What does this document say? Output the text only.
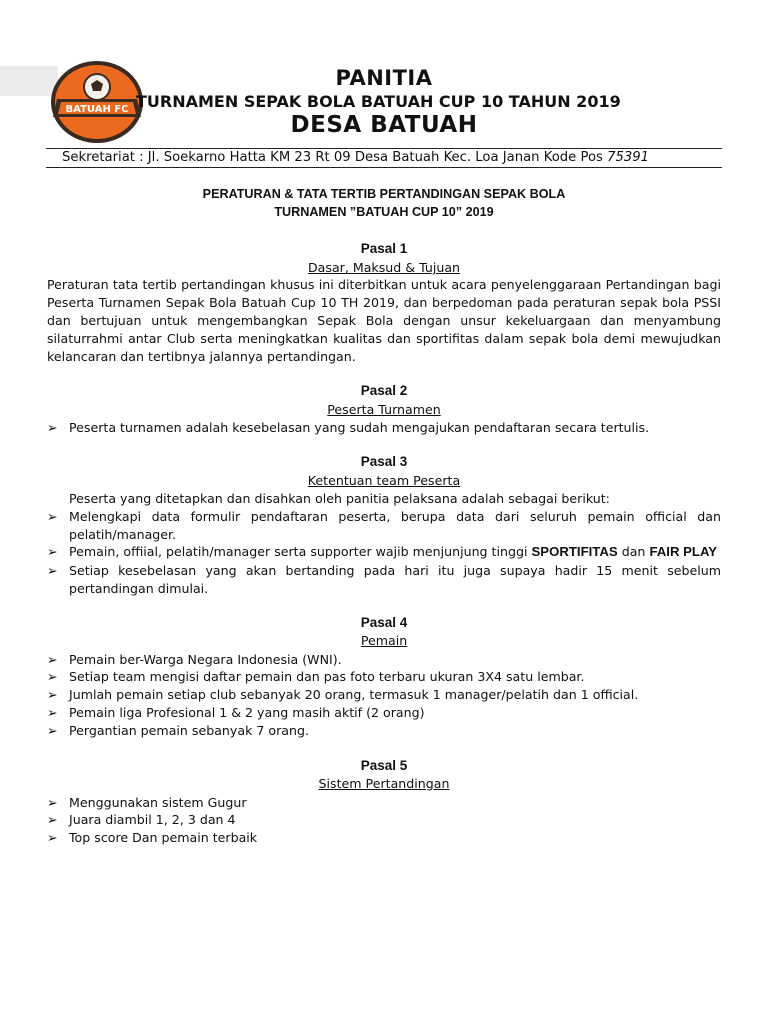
BATUAH FC
PANITIA
TURNAMEN SEPAK BOLA BATUAH CUP 10 TAHUN 2019
DESA BATUAH
Sekretariat : Jl. Soekarno Hatta KM 23 Rt 09 Desa Batuah Kec. Loa Janan Kode Pos 75391
PERATURAN & TATA TERTIB PERTANDINGAN SEPAK BOLA
TURNAMEN ”BATUAH CUP 10” 2019
Pasal 1
Dasar, Maksud & Tujuan
Peraturan tata tertib pertandingan khusus ini diterbitkan untuk acara penyelenggaraan Pertandingan bagi Peserta Turnamen Sepak Bola Batuah Cup 10 TH 2019, dan berpedoman pada peraturan sepak bola PSSI dan bertujuan untuk mengembangkan Sepak Bola dengan unsur kekeluargaan dan menyambung silaturrahmi antar Club serta meningkatkan kualitas dan sportifitas dalam sepak bola demi mewujudkan kelancaran dan tertibnya jalannya pertandingan.
Pasal 2
Peserta Turnamen
➢ Peserta turnamen adalah kesebelasan yang sudah mengajukan pendaftaran secara tertulis.
Pasal 3
Ketentuan team Peserta
Peserta yang ditetapkan dan disahkan oleh panitia pelaksana adalah sebagai berikut:
➢ Melengkapi data formulir pendaftaran peserta, berupa data dari seluruh pemain official dan pelatih/manager.
➢ Pemain, offiial, pelatih/manager serta supporter wajib menjunjung tinggi SPORTIFITAS dan FAIR PLAY
➢ Setiap kesebelasan yang akan bertanding pada hari itu juga supaya hadir 15 menit sebelum pertandingan dimulai.
Pasal 4
Pemain
➢ Pemain ber-Warga Negara Indonesia (WNI).
➢ Setiap team mengisi daftar pemain dan pas foto terbaru ukuran 3X4 satu lembar.
➢ Jumlah pemain setiap club sebanyak 20 orang, termasuk 1 manager/pelatih dan 1 official.
➢ Pemain liga Profesional 1 & 2 yang masih aktif (2 orang)
➢ Pergantian pemain sebanyak 7 orang.
Pasal 5
Sistem Pertandingan
➢ Menggunakan sistem Gugur
➢ Juara diambil 1, 2, 3 dan 4
➢ Top score Dan pemain terbaik
